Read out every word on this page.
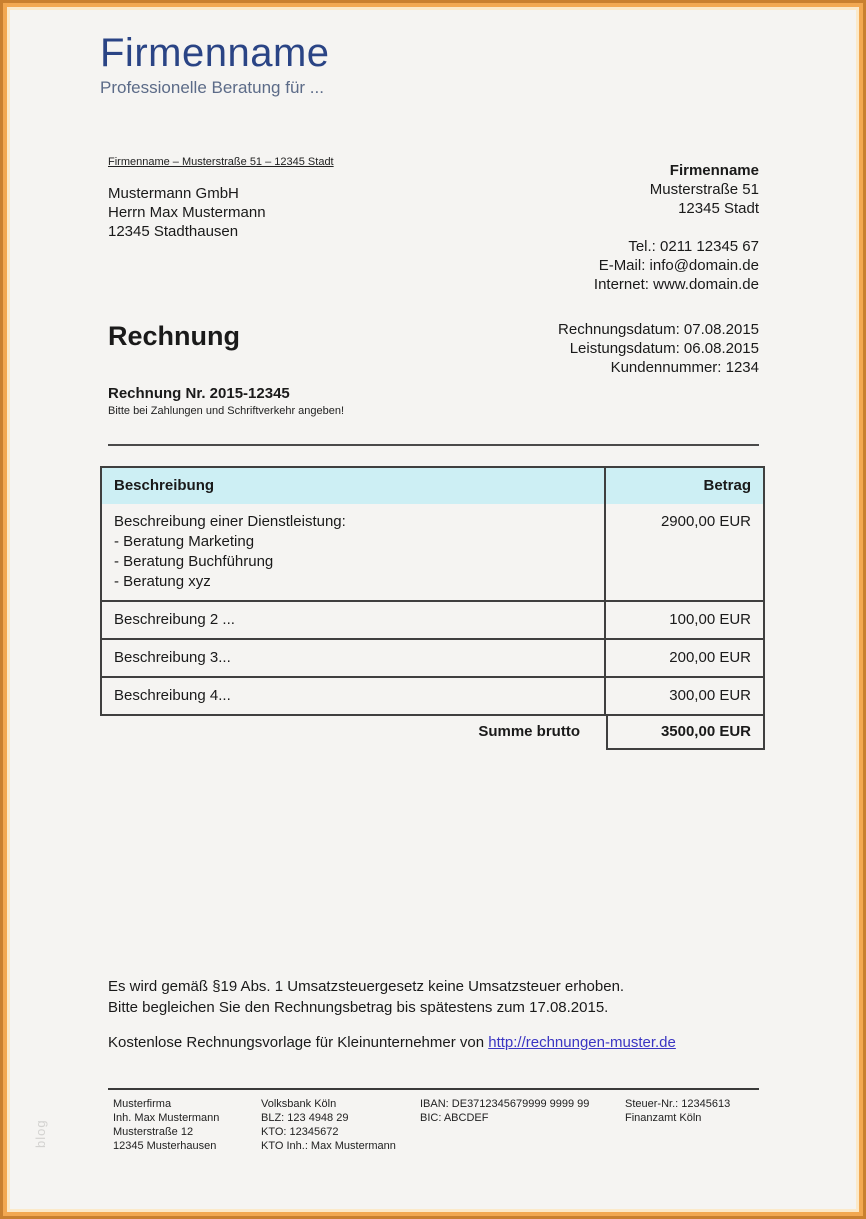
Firmenname
Professionelle Beratung für ...
Firmenname – Musterstraße 51 – 12345 Stadt
Mustermann GmbH
Herrn Max Mustermann
12345 Stadthausen
Firmenname
Musterstraße 51
12345 Stadt
Tel.: 0211 12345 67
E-Mail: info@domain.de
Internet: www.domain.de
Rechnung	Rechnungsdatum: 07.08.2015
Leistungsdatum: 06.08.2015
Kundennummer: 1234
Rechnung Nr. 2015-12345
Bitte bei Zahlungen und Schriftverkehr angeben!
Beschreibung	Betrag
Beschreibung einer Dienstleistung:
- Beratung Marketing
- Beratung Buchführung
- Beratung xyz
2900,00 EUR
Beschreibung 2 ...	100,00 EUR
Beschreibung 3...	200,00 EUR
Beschreibung 4...	300,00 EUR
Summe brutto	3500,00 EUR
Es wird gemäß §19 Abs. 1 Umsatzsteuergesetz keine Umsatzsteuer erhoben.
Bitte begleichen Sie den Rechnungsbetrag bis spätestens zum 17.08.2015.
Kostenlose Rechnungsvorlage für Kleinunternehmer von http://rechnungen-muster.de
Musterfirma
Inh. Max Mustermann
Musterstraße 12
12345 Musterhausen
Volksbank Köln
BLZ: 123 4948 29
KTO: 12345672
KTO Inh.: Max Mustermann
IBAN: DE3712345679999 9999 99
BIC: ABCDEF
Steuer-Nr.: 12345613
Finanzamt Köln
blog
